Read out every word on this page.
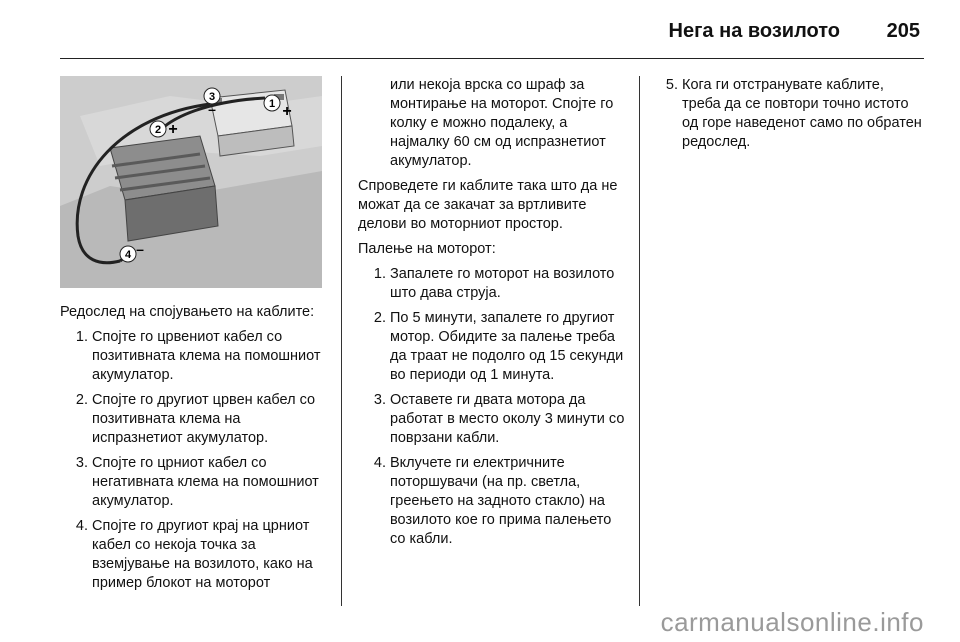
Нега на возилото 205
1 +
2 +
3
–
4 –

Редослед на спојувањето на каблите:

1. Спојте го црвениот кабел со позитивната клема на помошниот акумулатор.
2. Спојте го другиот црвен кабел со позитивната клема на испразнетиот акумулатор.
3. Спојте го црниот кабел со негативната клема на помошниот акумулатор.
4. Спојте го другиот крај на црниот кабел со некоја точка за вземјување на возилото, како на пример блокот на моторот

или некоја врска со шраф за монтирање на моторот. Спојте го колку е можно подалеку, а најмалку 60 см од испразнетиот акумулатор.

Спроведете ги каблите така што да не можат да се закачат за вртливите делови во моторниот простор.

Палење на моторот:

1. Запалете го моторот на возилото што дава струја.
2. По 5 минути, запалете го другиот мотор. Обидите за палење треба да траат не подолго од 15 секунди во периоди од 1 минута.
3. Оставете ги двата мотора да работат в место околу 3 минути со поврзани кабли.
4. Вклучете ги електричните поторшувачи (на пр. светла, греењето на задното стакло) на возилото кое го прима палењето со кабли.
5. Кога ги отстранувате каблите, треба да се повтори точно истото од горе наведенот само по обратен редослед.
carmanualsonline.info
